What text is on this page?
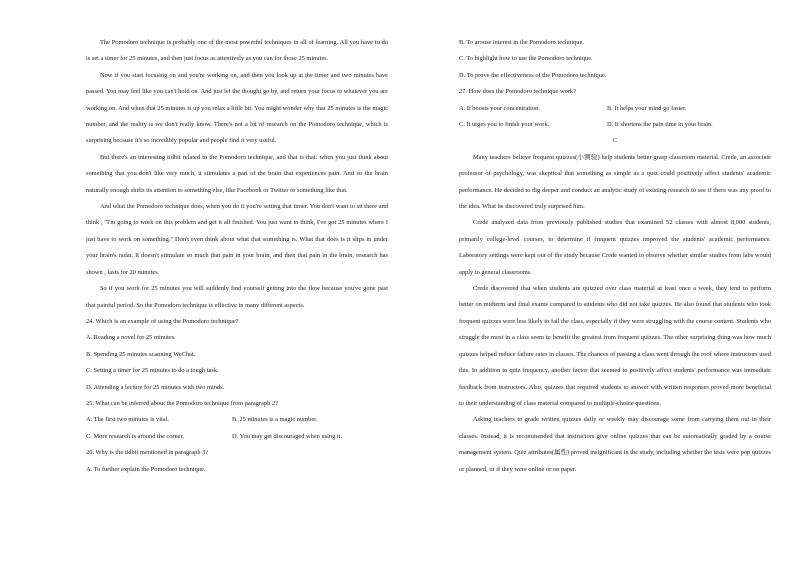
The Pomodoro technique is probably one of the most powerful techniques in all of learning. All you have to do is set a timer for 25 minutes, and then just focus as attentively as you can for those 25 minutes.

Now if you start focusing on and you're working on, and then you look up at the timer and two minutes have passed. You may feel like you can't hold on. And just let the thought go by, and return your focus to whatever you are working on. And when that 25 minutes is up you relax a little bit. You might wonder why that 25 minutes is the magic number, and the reality is we don't really know. There's not a lot of research on the Pomodoro technique, which is surprising because it's so incredibly popular and people find it very useful.

But there's an interesting tidbit related to the Pomodoro technique, and that is that: when you just think about something that you don't like very much, it stimulates a part of the brain that experiences pain. And so the brain naturally enough shifts its attention to something else, like Facebook or Twitter or something like that.

And what the Pomodoro technique does, when you do it you're setting that timer. You don't want to sit there and think , "I'm going to work on this problem and get it all finished. You just want to think, I've got 25 minutes where I just have to work on something." Don't even think about what that something is. What that does is it slips in under your brain's radar. It doesn't stimulate so much that pain in your brain, and then that pain in the brain, research has shown , lasts for 20 minutes.

So if you work for 25 minutes you will suddenly find yourself getting into the flow because you've gone past that painful period. So the Pomodoro technique is effective in many different aspects.

24. Which is an example of using the Pomodoro technique?

A. Reading a novel for 25 minutes.

B. Spending 25 minutes scanning WeChat.

C. Setting a timer for 25 minutes to do a tough task.

D. Attending a lecture for 25 minutes with two minds.

25. What can be inferred about the Pomodoro technique from paragraph 2?

A. The first two minutes is vital.	B. 25 minutes is a magic number.
C. More research is around the corner.	D. You may get discouraged when using it.

26. Why is the tidbit mentioned in paragraph 3?

A. To further explain the Pomodoro technique.

B. To arouse interest in the Pomodoro technique.

C. To highlight how to use the Pomodoro technique.

D. To prove the effectiveness of the Pomodoro technique.

27. How does the Pomodoro technique work?

A. It boosts your concentration.	B. It helps your mind go faster.
C. It urges you to finish your work.	D. It shortens the pain time in your brain.

C

Many teachers believe frequent quizzes(小测验) help students better grasp classroom material. Crede, an associate professor of psychology, was skeptical that something as simple as a quiz could positively affect students' academic performance. He decided to dig deeper and conduct an analytic study of existing research to see if there was any proof to the idea. What he discovered truly surprised him.

Crede analyzed data from previously published studies that examined 52 classes with almost 8,000 students, primarily college-level courses, to determine if frequent quizzes improved the students' academic performance. Laboratory settings were kept out of the study because Crede wanted to observe whether similar studies from labs would apply to general classrooms.

Crede discovered that when students are quizzed over class material at least once a week, they tend to perform better on midterm and final exams compared to students who did not take quizzes. He also found that students who took frequent quizzes were less likely to fail the class, especially if they were struggling with the course content. Students who struggle the most in a class seem to benefit the greatest from frequent quizzes. The other surprising thing was how much quizzes helped reduce failure rates in classes. The chances of passing a class went through the roof where instructors used this. In addition to quiz frequency, another factor that seemed to positively affect students' performance was immediate feedback from instructors. Also, quizzes that required students to answer with written responses proved more beneficial to their understanding of class material compared to multiple-choice questions.

Asking teachers to grade written quizzes daily or weekly may discourage some from carrying them out in their classes. Instead, it is recommended that instructors give online quizzes that can be automatically graded by a course management system. Quiz attributes(属性) proved insignificant in the study, including whether the tests were pop quizzes or planned, or if they were online or on paper.
